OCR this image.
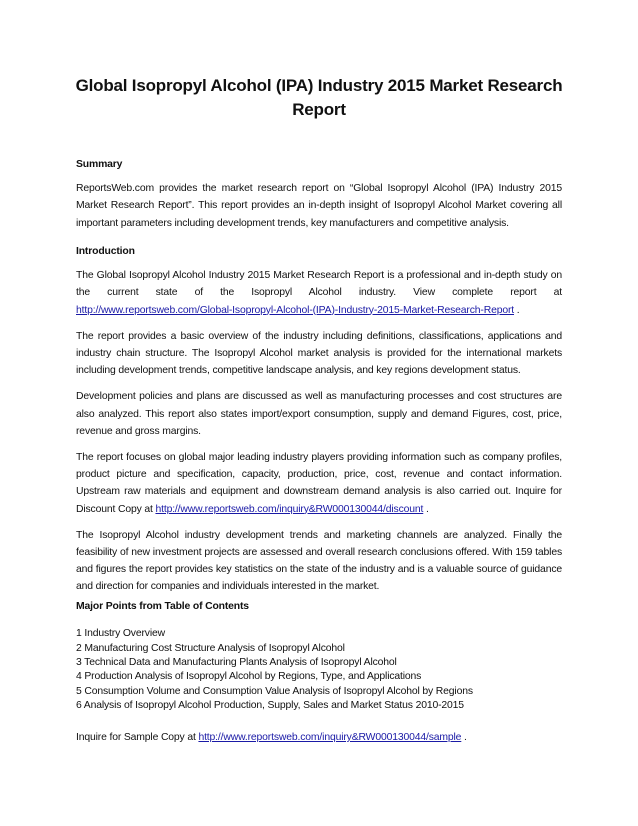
Global Isopropyl Alcohol (IPA) Industry 2015 Market Research Report
Summary
ReportsWeb.com provides the market research report on “Global Isopropyl Alcohol (IPA) Industry 2015 Market Research Report”. This report provides an in-depth insight of Isopropyl Alcohol Market covering all important parameters including development trends, key manufacturers and competitive analysis.
Introduction
The Global Isopropyl Alcohol Industry 2015 Market Research Report is a professional and in-depth study on the current state of the Isopropyl Alcohol industry. View complete report at http://www.reportsweb.com/Global-Isopropyl-Alcohol-(IPA)-Industry-2015-Market-Research-Report .
The report provides a basic overview of the industry including definitions, classifications, applications and industry chain structure. The Isopropyl Alcohol market analysis is provided for the international markets including development trends, competitive landscape analysis, and key regions development status.
Development policies and plans are discussed as well as manufacturing processes and cost structures are also analyzed. This report also states import/export consumption, supply and demand Figures, cost, price, revenue and gross margins.
The report focuses on global major leading industry players providing information such as company profiles, product picture and specification, capacity, production, price, cost, revenue and contact information. Upstream raw materials and equipment and downstream demand analysis is also carried out. Inquire for Discount Copy at http://www.reportsweb.com/inquiry&RW000130044/discount .
The Isopropyl Alcohol industry development trends and marketing channels are analyzed. Finally the feasibility of new investment projects are assessed and overall research conclusions offered. With 159 tables and figures the report provides key statistics on the state of the industry and is a valuable source of guidance and direction for companies and individuals interested in the market.
Major Points from Table of Contents
1 Industry Overview
2 Manufacturing Cost Structure Analysis of Isopropyl Alcohol
3 Technical Data and Manufacturing Plants Analysis of Isopropyl Alcohol
4 Production Analysis of Isopropyl Alcohol by Regions, Type, and Applications
5 Consumption Volume and Consumption Value Analysis of Isopropyl Alcohol by Regions
6 Analysis of Isopropyl Alcohol Production, Supply, Sales and Market Status 2010-2015
Inquire for Sample Copy at http://www.reportsweb.com/inquiry&RW000130044/sample .
